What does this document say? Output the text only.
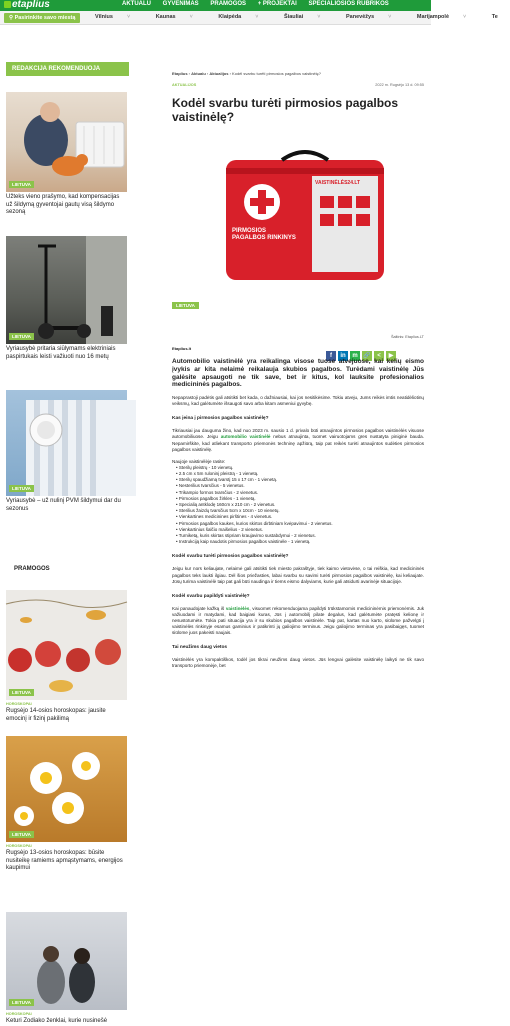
etaplius	AKTUALU GYVENIMAS PRAMOGOS + PROJEKTAI SPECIALIOSIOS RUBRIKOS
⚲ Pasirinkite savo miestą	Vilnius	˅	Kaunas	˅	Klaipėda	˅	Šiauliai	˅	Panevėžys	˅	Marijampolė	˅	Te
REDAKCIJA REKOMENDUOJA
PRAMOGOS
LIETUVA
Užteks vieno prašymo, kad kompensacijas už šildymą gyventojai gautų visą šildymo sezoną
LIETUVA
Vyriausybė pritaria siūlymams elektriniais paspirtukais leisti važiuoti nuo 16 metų
LIETUVA
Vyriausybė – už nulinį PVM šildymui dar du sezonus
LIETUVA
HOROSKOPAI
Rugsėjo 14-osios horoskopas: jausite emocinį ir fizinį pakilimą
LIETUVA
HOROSKOPAI
Rugsėjo 13-osios horoskopas: būsite nusiteikę ramiems apmąstymams, energijos kaupimui
LIETUVA
HOROSKOPAI
Keturi Zodiako ženklai, kurie nusinešė
Etaplius › Aktualu › Aktualijos › Kodėl svarbu turėti pirmosios pagalbos vaistinėlę?
AKTUALIJOS	2022 m. Rugsėjo 13 d. 09:55
Kodėl svarbu turėti pirmosios pagalbos vaistinėlę?
VAISTINĖLĖS24.LT
PIRMOSIOS PAGALBOS RINKINYS
LIETUVA
Šaltinis: Etaplius.LT
Etaplius.lt
f in m 🔗 < ▶

Automobilio vaistinėlė yra reikalinga visose tuose atvejuose, kai kelių eismo įvykis ar kita nelaimė reikalauja skubios pagalbos. Turėdami vaistinėlę Jūs galėsite apsaugoti ne tik save, bet ir kitus, kol lauksite profesionalios medicininės pagalbos.

Nepaprastoji padėtis gali atsitikti bet kada, o dažniausiai, kai jos nesitikėsime. Tokiu atveju, Jums reikės imtis neatidėliotinų veiksmų, kad galėtumėte išsaugoti savo arba kitam asmeniui gyvybę.

Kas įeina į pirmosios pagalbos vaistinėlę?

Tikriausiai jau dauguma žino, kad nuo 2023 m. sausio 1 d. privalo būti atnaujintos pirmosios pagalbos vaistinėlės visuose automobiliuose. Jeigu automobilio vaistinėlė nebus atnaujinta, tuomet vairuotojams gres nustatyta piniginė bauda. Nepamirškite, kad atliekant transporto priemonės techninę apžiūrą, taip pat reikės turėti atnaujintos sudėties pirmosios pagalbos vaistinėlę.

Naujoje vaistinėlėje rasite:

• Sterilų pleistrų - 10 vienetų.
• 2.5 cm x 5m ruloninį pleistrą - 1 vienetą.
• Sterilų spaudžiamą tvarstį 15 x 17 cm - 1 vienetą.
• Nesterilius tvarsčius - 5 vienetus.
• Trikampio formos tvarsčius - 2 vienetus.
• Pirmosios pagalbos žirkles - 1 vienetą.
• Specialią antklodę 160cm x 210 cm - 2 vienetus.
• Sterilius žaizdų tvarsčius 5cm x 10cm - 10 vienetų.
• Vienkartines medicinines pirštines - 4 vienetus.
• Pirmosios pagalbos kaukes, kurios skirtos dirbtiniam kvėpavimui - 2 vienetus.
• Vienkartinius šalčio maišelius - 2 vienetus.
• Turniketą, kuris skirtas stipriam kraujavimo sustabdymui - 2 vienetus.
• Instrukciją kaip naudotis pirmosios pagalbos vaistinėle - 1 vienetą.

Kodėl svarbu turėti pirmosios pagalbos vaistinėlę?

Jeigu kur nors keliaujate, nelaimė gali atsitikti tiek miesto pakraštyje, tiek kaimo vietovėse, o tai reiškia, kad medicininės pagalbos teks laukti ilgiau. Dėl šios priežasties, labai svarbu su savimi turėti pirmosios pagalbos vaistinėlę, kai keliaujate. Jūsų turima vaistinėlė taip pat gali būti naudinga ir tiems eismo dalyviams, kurie gali atsidurti avarinėje situacijoje.

Kodėl svarbu papildyti vaistinėlę?

Kai panaudojate kažką iš vaistinėlės, visuomet rekomenduojama papildyti trūkstamomis medicininėmis priemonėmis. Juk važiuodami ir matydami, kad baigiasi kuras, Jūs į automobilį pilate degalus, kad galėtumėte pratęsti kelionę ir nesustotumėte. Tokia pati situacija yra ir su skubios pagalbos vaistinėle. Taip pat, kartas nuo karto, siūlome pažvelgti į vaistinėlės rinkinyje esamus gaminius ir patikrinti jų galiojimo terminus. Jeigu galiojimo terminas yra pasibaigęs, tuomet siūlome juos pakeisti naujais.

Tai neužims daug vietos

Vaistinėlės yra kompaktiškos, todėl jos tikrai neužims daug vietos. Jūs lengvai galėsite vaistinėlę laikyti ne tik savo transporto priemonėje, bet
